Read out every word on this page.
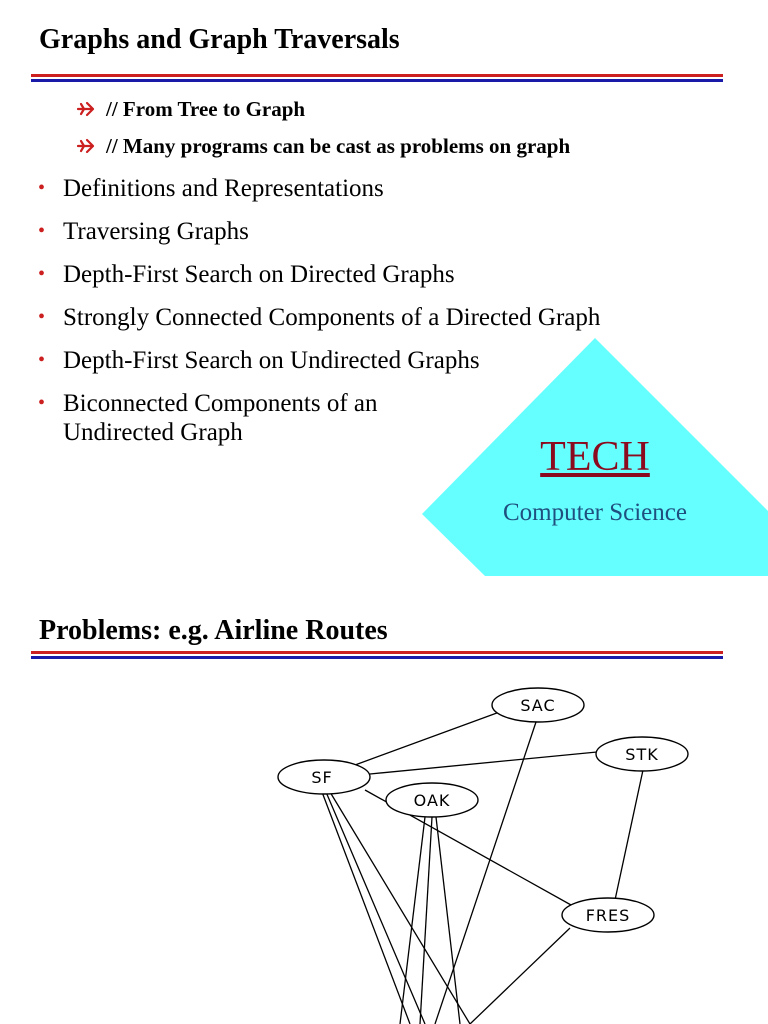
Graphs and Graph Traversals
// From Tree to Graph
// Many programs can be cast as problems on graph
• Definitions and Representations
• Traversing Graphs
• Depth-First Search on Directed Graphs
• Strongly Connected Components of a Directed Graph
• Depth-First Search on Undirected Graphs
• Biconnected Components of an Undirected Graph
TECH
Computer Science
Problems: e.g. Airline Routes
SAC
STK
SF
OAK
FRES
